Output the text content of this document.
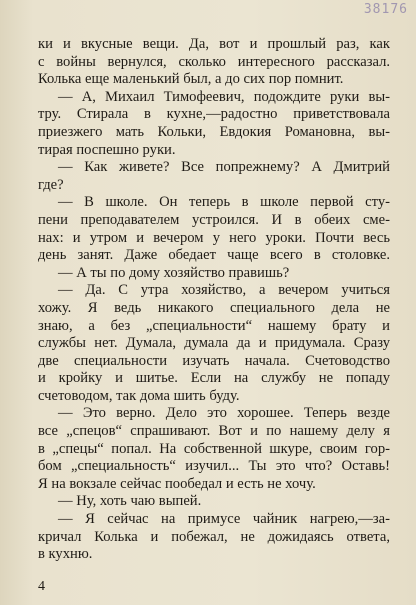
38176
ки и вкусные вещи. Да, вот и прошлый раз, как
с войны вернулся, сколько интересного рассказал.
Колька еще маленький был, а до сих пор помнит.
— А, Михаил Тимофеевич, подождите руки вы-
тру. Стирала в кухне,—радостно приветствовала
приезжего мать Кольки, Евдокия Романовна, вы-
тирая поспешно руки.
— Как живете? Все попрежнему? А Дмитрий
где?
— В школе. Он теперь в школе первой сту-
пени преподавателем устроился. И в обеих сме-
нах: и утром и вечером у него уроки. Почти весь
день занят. Даже обедает чаще всего в столовке.
— А ты по дому хозяйство правишь?
— Да. С утра хозяйство, а вечером учиться
хожу. Я ведь никакого специального дела не
знаю, а без „специальности“ нашему брату и
службы нет. Думала, думала да и придумала. Сразу
две специальности изучать начала. Счетоводство
и кройку и шитье. Если на службу не попаду
счетоводом, так дома шить буду.
— Это верно. Дело это хорошее. Теперь везде
все „спецов“ спрашивают. Вот и по нашему делу я
в „спецы“ попал. На собственной шкуре, своим гор-
бом „специальность“ изучил... Ты это что? Оставь!
Я на вокзале сейчас пообедал и есть не хочу.
— Ну, хоть чаю выпей.
— Я сейчас на примусе чайник нагрею,—за-
кричал Колька и побежал, не дожидаясь ответа,
в кухню.
4
